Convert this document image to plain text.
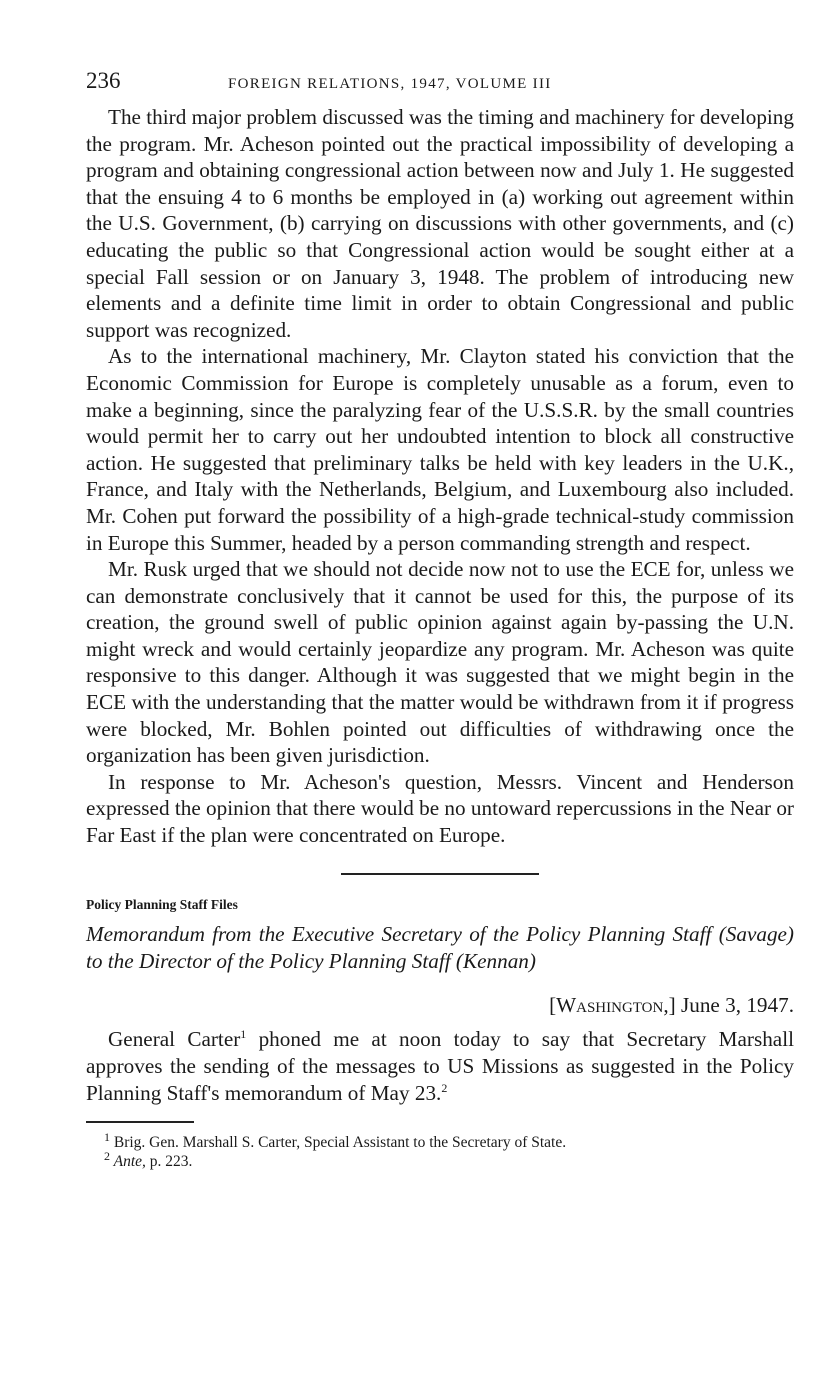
236	FOREIGN RELATIONS, 1947, VOLUME III

The third major problem discussed was the timing and machinery for developing the program. Mr. Acheson pointed out the practical impossibility of developing a program and obtaining congressional action between now and July 1. He suggested that the ensuing 4 to 6 months be employed in (a) working out agreement within the U.S. Government, (b) carrying on discussions with other governments, and (c) educating the public so that Congressional action would be sought either at a special Fall session or on January 3, 1948. The problem of introducing new elements and a definite time limit in order to obtain Congressional and public support was recognized.

As to the international machinery, Mr. Clayton stated his conviction that the Economic Commission for Europe is completely unusable as a forum, even to make a beginning, since the paralyzing fear of the U.S.S.R. by the small countries would permit her to carry out her undoubted intention to block all constructive action. He suggested that preliminary talks be held with key leaders in the U.K., France, and Italy with the Netherlands, Belgium, and Luxembourg also included. Mr. Cohen put forward the possibility of a high-grade technical-study commission in Europe this Summer, headed by a person commanding strength and respect.

Mr. Rusk urged that we should not decide now not to use the ECE for, unless we can demonstrate conclusively that it cannot be used for this, the purpose of its creation, the ground swell of public opinion against again by-passing the U.N. might wreck and would certainly jeopardize any program. Mr. Acheson was quite responsive to this danger. Although it was suggested that we might begin in the ECE with the understanding that the matter would be withdrawn from it if progress were blocked, Mr. Bohlen pointed out difficulties of withdrawing once the organization has been given jurisdiction.

In response to Mr. Acheson's question, Messrs. Vincent and Henderson expressed the opinion that there would be no untoward repercussions in the Near or Far East if the plan were concentrated on Europe.

Policy Planning Staff Files
Memorandum from the Executive Secretary of the Policy Planning Staff (Savage) to the Director of the Policy Planning Staff (Kennan)
[Washington,] June 3, 1947.

General Carter$^1$ phoned me at noon today to say that Secretary Marshall approves the sending of the messages to US Missions as suggested in the Policy Planning Staff's memorandum of May 23.$^2$

$^1$ Brig. Gen. Marshall S. Carter, Special Assistant to the Secretary of State.
$^2$ Ante, p. 223.
